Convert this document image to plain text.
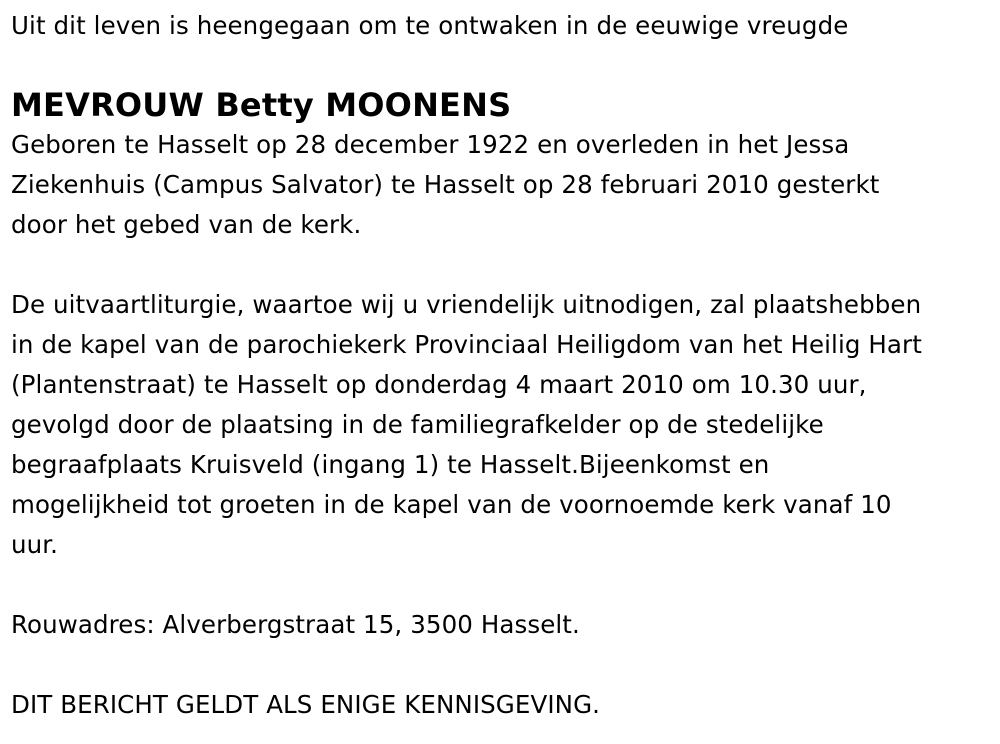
Uit dit leven is heengegaan om te ontwaken in de eeuwige vreugde

MEVROUW Betty MOONENS
Geboren te Hasselt op 28 december 1922 en overleden in het Jessa
Ziekenhuis (Campus Salvator) te Hasselt op 28 februari 2010 gesterkt
door het gebed van de kerk.
De uitvaartliturgie, waartoe wij u vriendelijk uitnodigen, zal plaatshebben
in de kapel van de parochiekerk Provinciaal Heiligdom van het Heilig Hart
(Plantenstraat) te Hasselt op donderdag 4 maart 2010 om 10.30 uur,
gevolgd door de plaatsing in de familiegrafkelder op de stedelijke
begraafplaats Kruisveld (ingang 1) te Hasselt.Bijeenkomst en
mogelijkheid tot groeten in de kapel van de voornoemde kerk vanaf 10
uur.

Rouwadres: Alverbergstraat 15, 3500 Hasselt.

DIT BERICHT GELDT ALS ENIGE KENNISGEVING.
